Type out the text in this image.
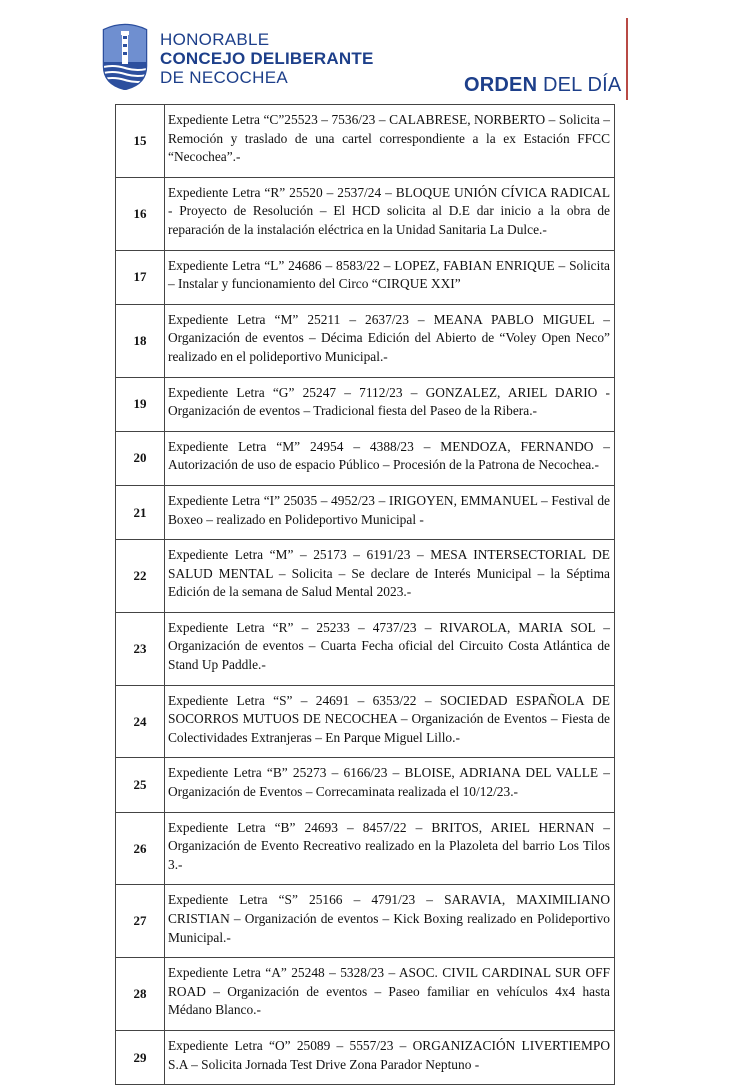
HONORABLE
CONCEJO DELIBERANTE
DE NECOCHEA	ORDEN DEL DÍA
15	Expediente Letra “C”25523 – 7536/23 – CALABRESE, NORBERTO – Solicita – Remoción y traslado de una cartel correspondiente a la ex Estación FFCC “Necochea”.-
16	Expediente Letra “R” 25520 – 2537/24 – BLOQUE UNIÓN CÍVICA RADICAL - Proyecto de Resolución – El HCD solicita al D.E dar inicio a la obra de reparación de la instalación eléctrica en la Unidad Sanitaria La Dulce.-
17	Expediente Letra “L” 24686 – 8583/22 – LOPEZ, FABIAN ENRIQUE – Solicita – Instalar y funcionamiento del Circo “CIRQUE XXI”
18	Expediente Letra “M” 25211 – 2637/23 – MEANA PABLO MIGUEL – Organización de eventos – Décima Edición del Abierto de “Voley Open Neco” realizado en el polideportivo Municipal.-
19	Expediente Letra “G” 25247 – 7112/23 – GONZALEZ, ARIEL DARIO - Organización de eventos – Tradicional fiesta del Paseo de la Ribera.-
20	Expediente Letra “M” 24954 – 4388/23 – MENDOZA, FERNANDO – Autorización de uso de espacio Público – Procesión de la Patrona de Necochea.-
21	Expediente Letra “I” 25035 – 4952/23 – IRIGOYEN, EMMANUEL – Festival de Boxeo – realizado en Polideportivo Municipal -
22	Expediente Letra “M” – 25173 – 6191/23 – MESA INTERSECTORIAL DE SALUD MENTAL – Solicita – Se declare de Interés Municipal – la Séptima Edición de la semana de Salud Mental 2023.-
23	Expediente Letra “R” – 25233 – 4737/23 – RIVAROLA, MARIA SOL – Organización de eventos – Cuarta Fecha oficial del Circuito Costa Atlántica de Stand Up Paddle.-
24	Expediente Letra “S” – 24691 – 6353/22 – SOCIEDAD ESPAÑOLA DE SOCORROS MUTUOS DE NECOCHEA – Organización de Eventos – Fiesta de Colectividades Extranjeras – En Parque Miguel Lillo.-
25	Expediente Letra “B” 25273 – 6166/23 – BLOISE, ADRIANA DEL VALLE – Organización de Eventos – Correcaminata realizada el 10/12/23.-
26	Expediente Letra “B” 24693 – 8457/22 – BRITOS, ARIEL HERNAN – Organización de Evento Recreativo realizado en la Plazoleta del barrio Los Tilos 3.-
27	Expediente Letra “S” 25166 – 4791/23 – SARAVIA, MAXIMILIANO CRISTIAN – Organización de eventos – Kick Boxing realizado en Polideportivo Municipal.-
28	Expediente Letra “A” 25248 – 5328/23 – ASOC. CIVIL CARDINAL SUR OFF ROAD – Organización de eventos – Paseo familiar en vehículos 4x4 hasta Médano Blanco.-
29	Expediente Letra “O” 25089 – 5557/23 – ORGANIZACIÓN LIVERTIEMPO S.A – Solicita Jornada Test Drive Zona Parador Neptuno -
